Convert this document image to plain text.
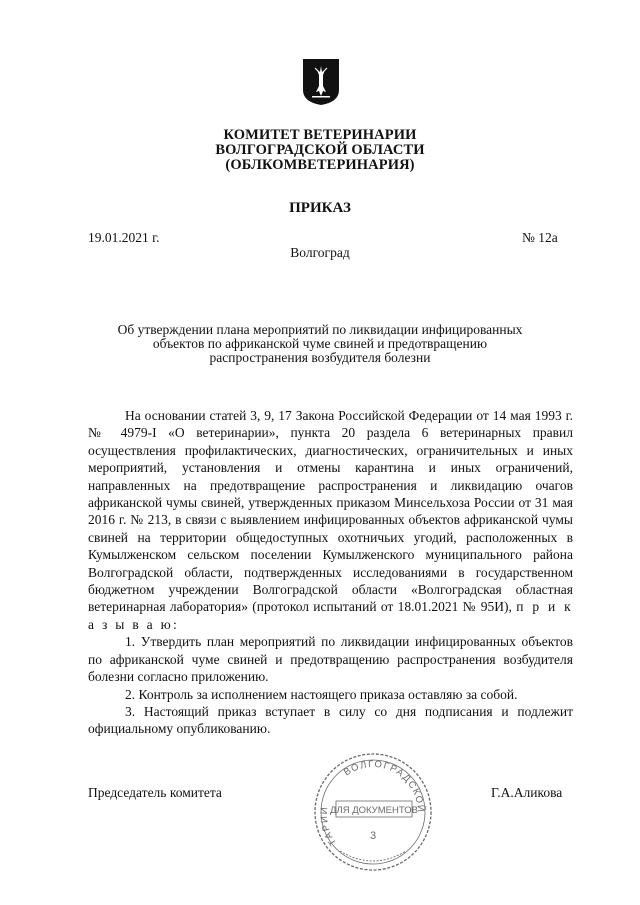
КОМИТЕТ ВЕТЕРИНАРИИ
ВОЛГОГРАДСКОЙ ОБЛАСТИ
(ОБЛКОМВЕТЕРИНАРИЯ)
ПРИКАЗ
19.01.2021 г.	№ 12а
Волгоград
Об утверждении плана мероприятий по ликвидации инфицированных
объектов по африканской чуме свиней и предотвращению
распространения возбудителя болезни

На основании статей 3, 9, 17 Закона Российской Федерации от 14 мая 1993 г. № 4979-I «О ветеринарии», пункта 20 раздела 6 ветеринарных правил осуществления профилактических, диагностических, ограничительных и иных мероприятий, установления и отмены карантина и иных ограничений, направленных на предотвращение распространения и ликвидацию очагов африканской чумы свиней, утвержденных приказом Минсельхоза России от 31 мая 2016 г. № 213, в связи с выявлением инфицированных объектов африканской чумы свиней на территории общедоступных охотничьих угодий, расположенных в Кумылженском сельском поселении Кумылженского муниципального района Волгоградской области, подтвержденных исследованиями в государственном бюджетном учреждении Волгоградской области «Волгоградская областная ветеринарная лаборатория» (протокол испытаний от 18.01.2021 № 95И), п р и к а з ы в а ю:

1. Утвердить план мероприятий по ликвидации инфицированных объектов по африканской чуме свиней и предотвращению распространения возбудителя болезни согласно приложению.

2. Контроль за исполнением настоящего приказа оставляю за собой.

3. Настоящий приказ вступает в силу со дня подписания и подлежит официальному опубликованию.

Председатель комитета	Г.А.Аликова
ВОЛГОГРАДСКОЙ
ТАРИИ ДЛЯ ДОКУМЕНТОВ
3
